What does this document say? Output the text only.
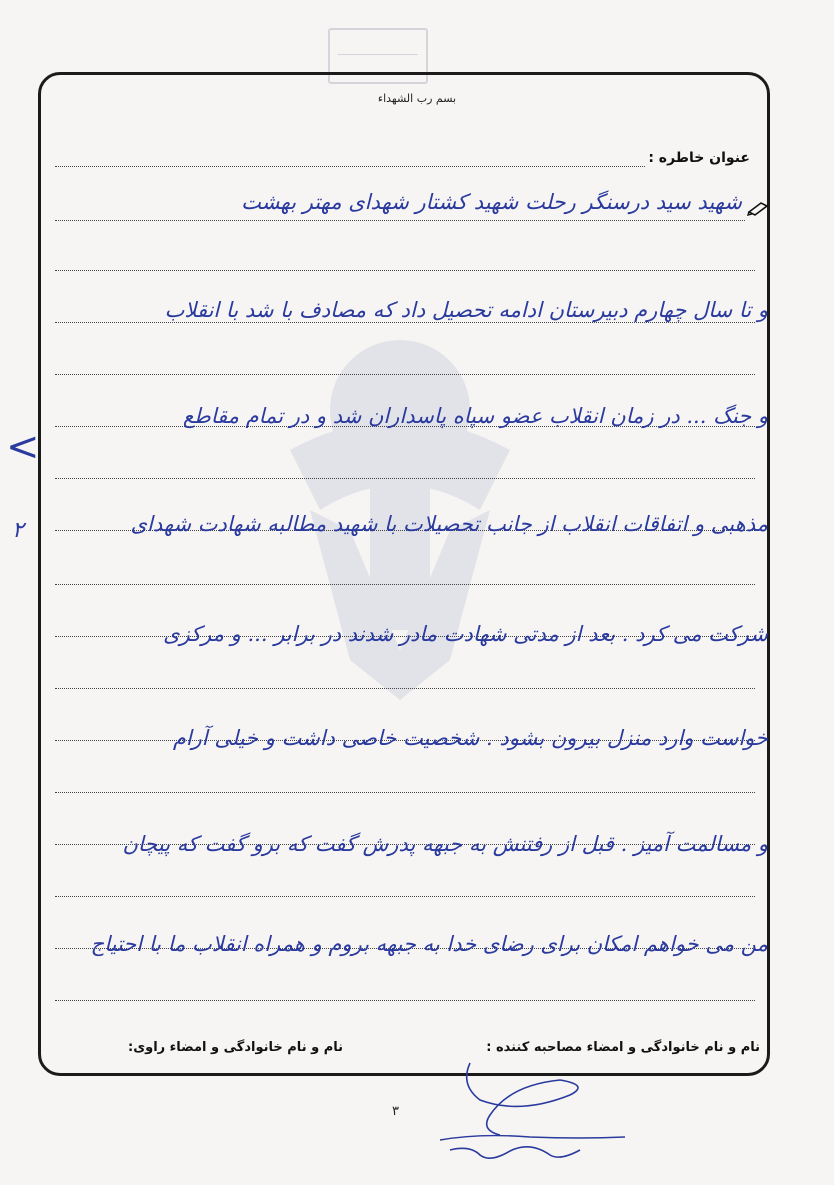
بسم رب الشهداء
عنوان خاطره :
شهید سید درسنگر رحلت شهید کشتار شهدای مهتر بهشت
و تا سال چهارم دبیرستان ادامه تحصیل داد که مصادف با شد با انقلاب
و جنگ ... در زمان انقلاب عضو سپاه پاسداران شد و در تمام مقاطع
مذهبی و اتفاقات انقلاب از جانب تحصیلات با شهید مطالبه شهادت شهدای
شرکت می کرد . بعد از مدتی شهادت مادر شدند در برابر ... و مرکزی
خواست وارد منزل بیرون بشود . شخصیت خاصی داشت و خیلی آرام
و مسالمت آمیز . قبل از رفتنش به جبهه پدرش گفت که برو گفت که پیچان
من می خواهم امکان برای رضای خدا به جبهه بروم و همراه انقلاب ما با احتیاج
<
۲
نام و نام خانوادگی و امضاء راوی:	نام و نام خانوادگی و امضاء مصاحبه کننده :
۳
